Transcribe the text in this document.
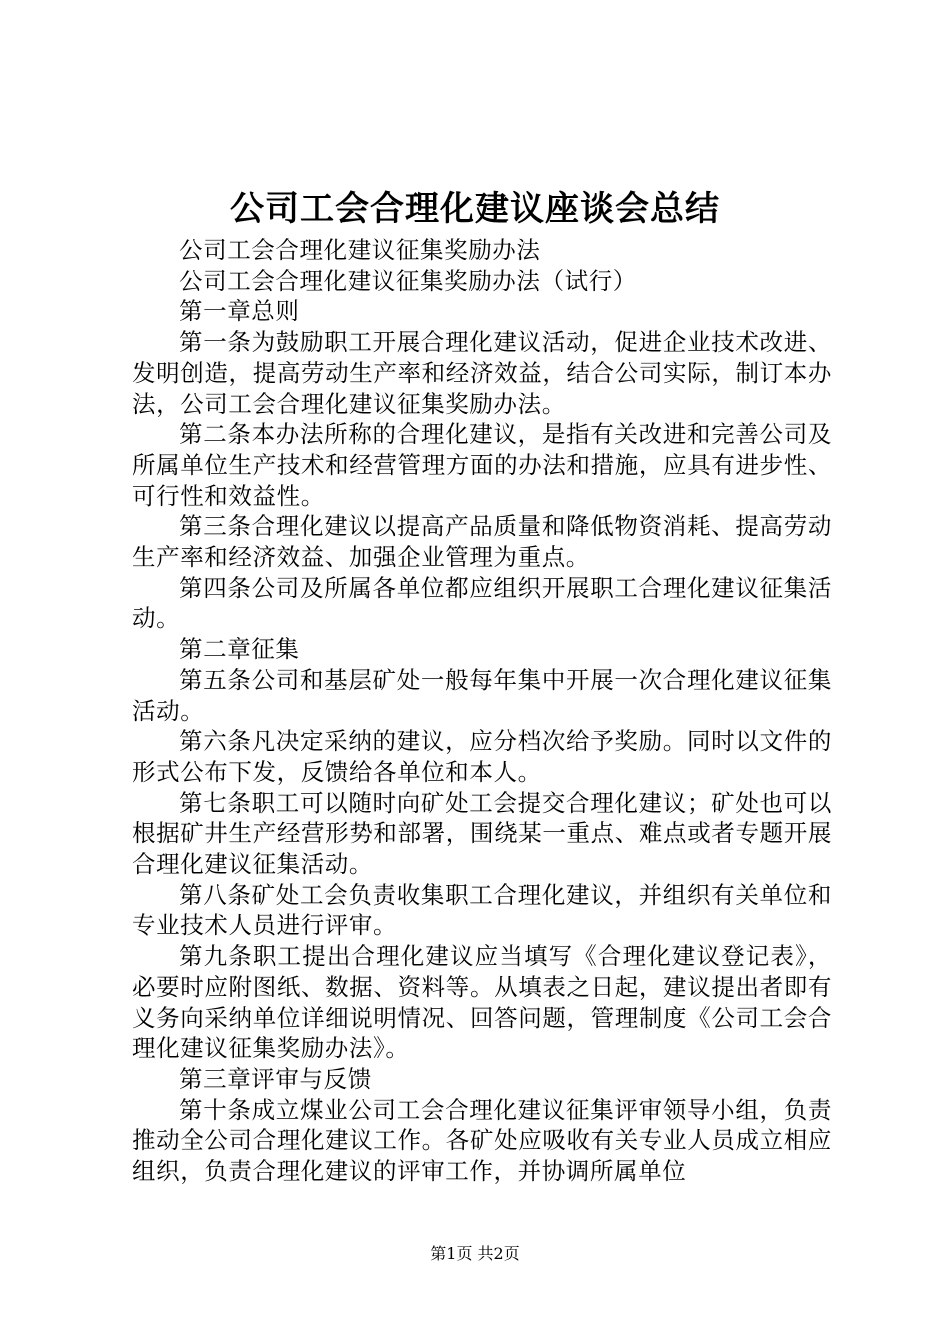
公司工会合理化建议座谈会总结

公司工会合理化建议征集奖励办法

公司工会合理化建议征集奖励办法（试行）

第一章总则

第一条为鼓励职工开展合理化建议活动，促进企业技术改进、发明创造，提高劳动生产率和经济效益，结合公司实际，制订本办法，公司工会合理化建议征集奖励办法。

第二条本办法所称的合理化建议，是指有关改进和完善公司及所属单位生产技术和经营管理方面的办法和措施，应具有进步性、可行性和效益性。

第三条合理化建议以提高产品质量和降低物资消耗、提高劳动生产率和经济效益、加强企业管理为重点。

第四条公司及所属各单位都应组织开展职工合理化建议征集活动。

第二章征集

第五条公司和基层矿处一般每年集中开展一次合理化建议征集活动。

第六条凡决定采纳的建议，应分档次给予奖励。同时以文件的形式公布下发，反馈给各单位和本人。

第七条职工可以随时向矿处工会提交合理化建议；矿处也可以根据矿井生产经营形势和部署，围绕某一重点、难点或者专题开展合理化建议征集活动。

第八条矿处工会负责收集职工合理化建议，并组织有关单位和专业技术人员进行评审。

第九条职工提出合理化建议应当填写《合理化建议登记表》，必要时应附图纸、数据、资料等。从填表之日起，建议提出者即有义务向采纳单位详细说明情况、回答问题，管理制度《公司工会合理化建议征集奖励办法》。

第三章评审与反馈

第十条成立煤业公司工会合理化建议征集评审领导小组，负责推动全公司合理化建议工作。各矿处应吸收有关专业人员成立相应组织，负责合理化建议的评审工作，并协调所属单位

第1页 共2页
